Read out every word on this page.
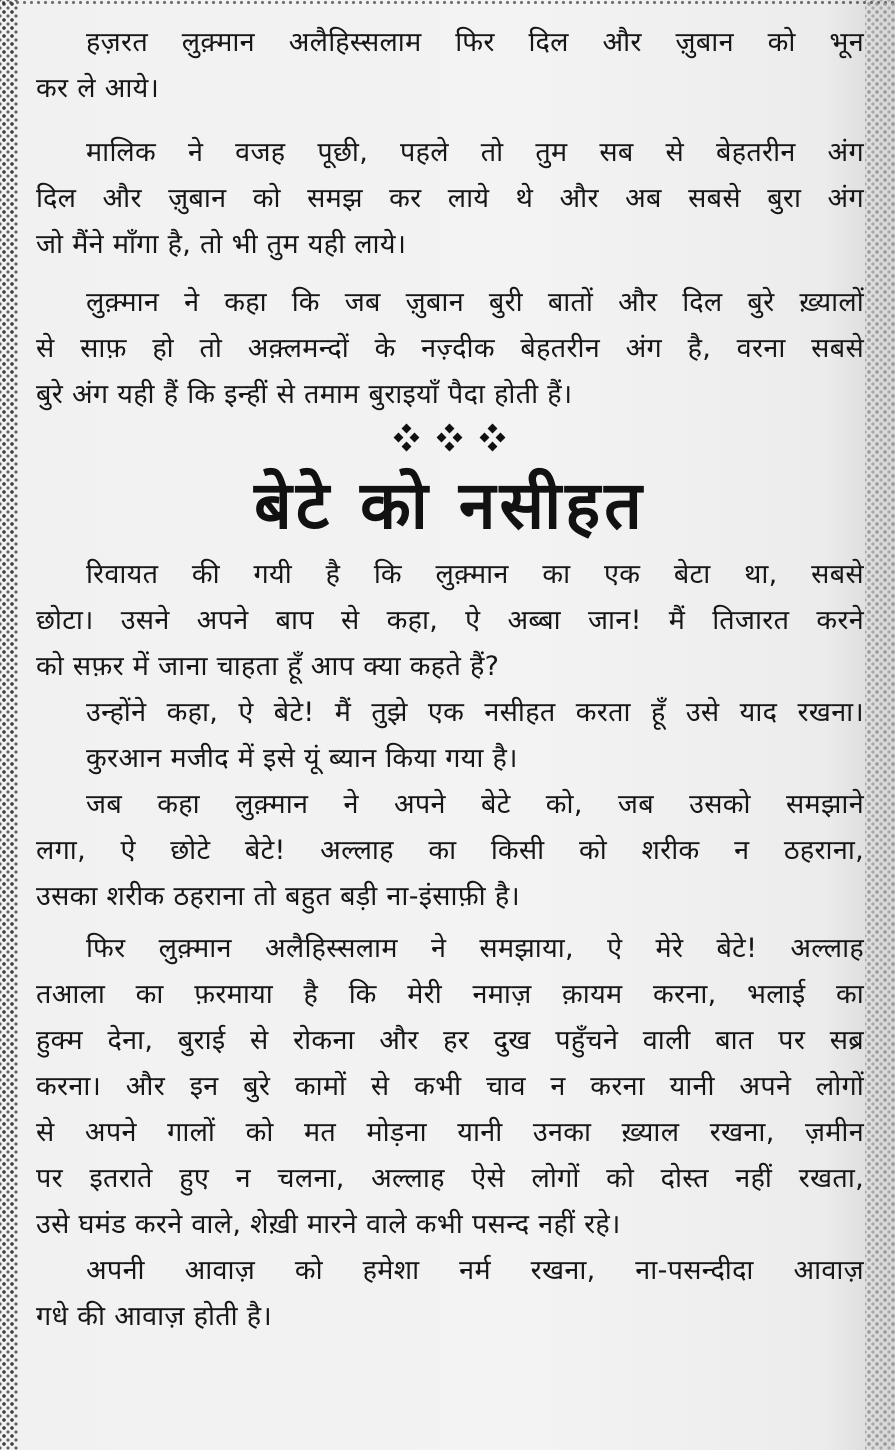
हज़रत लुक़्मान अलैहिस्सलाम फिर दिल और ज़ुबान को भून
कर ले आये।

मालिक ने वजह पूछी, पहले तो तुम सब से बेहतरीन अंग
दिल और ज़ुबान को समझ कर लाये थे और अब सबसे बुरा अंग
जो मैंने माँगा है, तो भी तुम यही लाये।

लुक़्मान ने कहा कि जब ज़ुबान बुरी बातों और दिल बुरे ख़्यालों
से साफ़ हो तो अक़्लमन्दों के नज़्दीक बेहतरीन अंग है, वरना सबसे
बुरे अंग यही हैं कि इन्हीं से तमाम बुराइयाँ पैदा होती हैं।

बेटे को नसीहत

रिवायत की गयी है कि लुक़्मान का एक बेटा था, सबसे
छोटा। उसने अपने बाप से कहा, ऐ अब्बा जान! मैं तिजारत करने
को सफ़र में जाना चाहता हूँ आप क्या कहते हैं?

उन्होंने कहा, ऐ बेटे! मैं तुझे एक नसीहत करता हूँ उसे याद रखना।

कुरआन मजीद में इसे यूं ब्यान किया गया है।

जब कहा लुक़्मान ने अपने बेटे को, जब उसको समझाने
लगा, ऐ छोटे बेटे! अल्लाह का किसी को शरीक न ठहराना,
उसका शरीक ठहराना तो बहुत बड़ी ना-इंसाफ़ी है।

फिर लुक़्मान अलैहिस्सलाम ने समझाया, ऐ मेरे बेटे! अल्लाह
तआला का फ़रमाया है कि मेरी नमाज़ क़ायम करना, भलाई का
हुक्म देना, बुराई से रोकना और हर दुख पहुँचने वाली बात पर सब्र
करना। और इन बुरे कामों से कभी चाव न करना यानी अपने लोगों
से अपने गालों को मत मोड़ना यानी उनका ख़्याल रखना, ज़मीन
पर इतराते हुए न चलना, अल्लाह ऐसे लोगों को दोस्त नहीं रखता,
उसे घमंड करने वाले, शेख़ी मारने वाले कभी पसन्द नहीं रहे।

अपनी आवाज़ को हमेशा नर्म रखना, ना-पसन्दीदा आवाज़
गधे की आवाज़ होती है।
